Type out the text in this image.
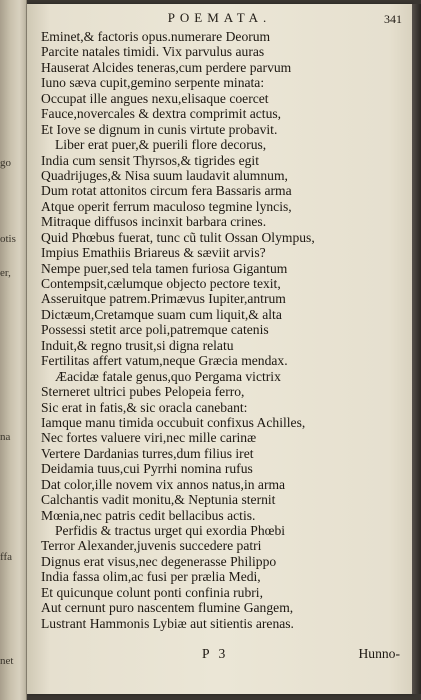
go
otis
er,
na
ffa
net
POEMATA.	341
Eminet,& factoris opus.numerare Deorum
Parcite natales timidi. Vix parvulus auras
Hauserat Alcides teneras,cum perdere parvum
Iuno sæva cupit,gemino serpente minata:
Occupat ille angues nexu,elisaque coercet
Fauce,novercales & dextra comprimit actus,
Et Iove se dignum in cunis virtute probavit.
Liber erat puer,& puerili flore decorus,
India cum sensit Thyrsos,& tigrides egit
Quadrijuges,& Nisa suum laudavit alumnum,
Dum rotat attonitos circum fera Bassaris arma
Atque operit ferrum maculoso tegmine lyncis,
Mitraque diffusos incinxit barbara crines.
Quid Phœbus fuerat, tunc cũ tulit Ossan Olympus,
Impius Emathiis Briareus & sæviit arvis?
Nempe puer,sed tela tamen furiosa Gigantum
Contempsit,cælumque objecto pectore texit,
Asseruitque patrem.Primævus Iupiter,antrum
Dictæum,Cretamque suam cum liquit,& alta
Possessi stetit arce poli,patremque catenis
Induit,& regno trusit,si digna relatu
Fertilitas affert vatum,neque Græcia mendax.
Æacidæ fatale genus,quo Pergama victrix
Sterneret ultrici pubes Pelopeia ferro,
Sic erat in fatis,& sic oracla canebant:
Iamque manu timida occubuit confixus Achilles,
Nec fortes valuere viri,nec mille carinæ
Vertere Dardanias turres,dum filius iret
Deidamia tuus,cui Pyrrhi nomina rufus
Dat color,ille novem vix annos natus,in arma
Calchantis vadit monitu,& Neptunia sternit
Mœnia,nec patris cedit bellacibus actis.
Perfidis & tractus urget qui exordia Phœbi
Terror Alexander,juvenis succedere patri
Dignus erat visus,nec degenerasse Philippo
India fassa olim,ac fusi per prælia Medi,
Et quicunque colunt ponti confinia rubri,
Aut cernunt puro nascentem flumine Gangem,
Lustrant Hammonis Lybiæ aut sitientis arenas.
P 3	Hunno-
